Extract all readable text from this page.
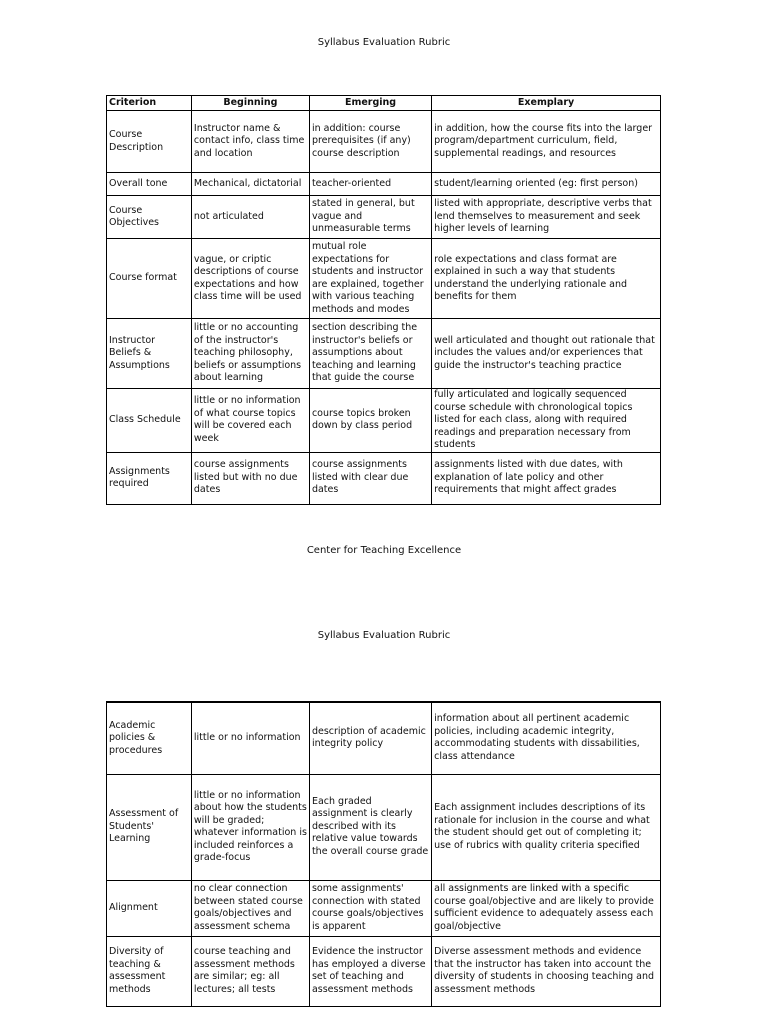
Syllabus Evaluation Rubric
Criterion	Beginning	Emerging	Exemplary
Course Description	Instructor name & contact info, class time and location	in addition: course prerequisites (if any) course description	in addition, how the course fits into the larger program/department curriculum, field, supplemental readings, and resources
Overall tone	Mechanical, dictatorial	teacher-oriented	student/learning oriented (eg: first person)
Course Objectives	not articulated	stated in general, but vague and unmeasurable terms	listed with appropriate, descriptive verbs that lend themselves to measurement and seek higher levels of learning
Course format	vague, or criptic descriptions of course expectations and how class time will be used	mutual role expectations for students and instructor are explained, together with various teaching methods and modes	role expectations and class format are explained in such a way that students understand the underlying rationale and benefits for them
Instructor Beliefs & Assumptions	little or no accounting of the instructor's teaching philosophy, beliefs or assumptions about learning	section describing the instructor's beliefs or assumptions about teaching and learning that guide the course	well articulated and thought out rationale that includes the values and/or experiences that guide the instructor's teaching practice
Class Schedule	little or no information of what course topics will be covered each week	course topics broken down by class period	fully articulated and logically sequenced course schedule with chronological topics listed for each class, along with required readings and preparation necessary from students
Assignments required	course assignments listed but with no due dates	course assignments listed with clear due dates	assignments listed with due dates, with explanation of late policy and other requirements that might affect grades
Center for Teaching Excellence
Syllabus Evaluation Rubric
Academic policies & procedures	little or no information	description of academic integrity policy	information about all pertinent academic policies, including academic integrity, accommodating students with dissabilities, class attendance
Assessment of Students' Learning	little or no information about how the students will be graded; whatever information is included reinforces a grade-focus	Each graded assignment is clearly described with its relative value towards the overall course grade	Each assignment includes descriptions of its rationale for inclusion in the course and what the student should get out of completing it; use of rubrics with quality criteria specified
Alignment	no clear connection between stated course goals/objectives and assessment schema	some assignments' connection with stated course goals/objectives is apparent	all assignments are linked with a specific course goal/objective and are likely to provide sufficient evidence to adequately assess each goal/objective
Diversity of teaching & assessment methods	course teaching and assessment methods are similar; eg: all lectures; all tests	Evidence the instructor has employed a diverse set of teaching and assessment methods	Diverse assessment methods and evidence that the instructor has taken into account the diversity of students in choosing teaching and assessment methods
